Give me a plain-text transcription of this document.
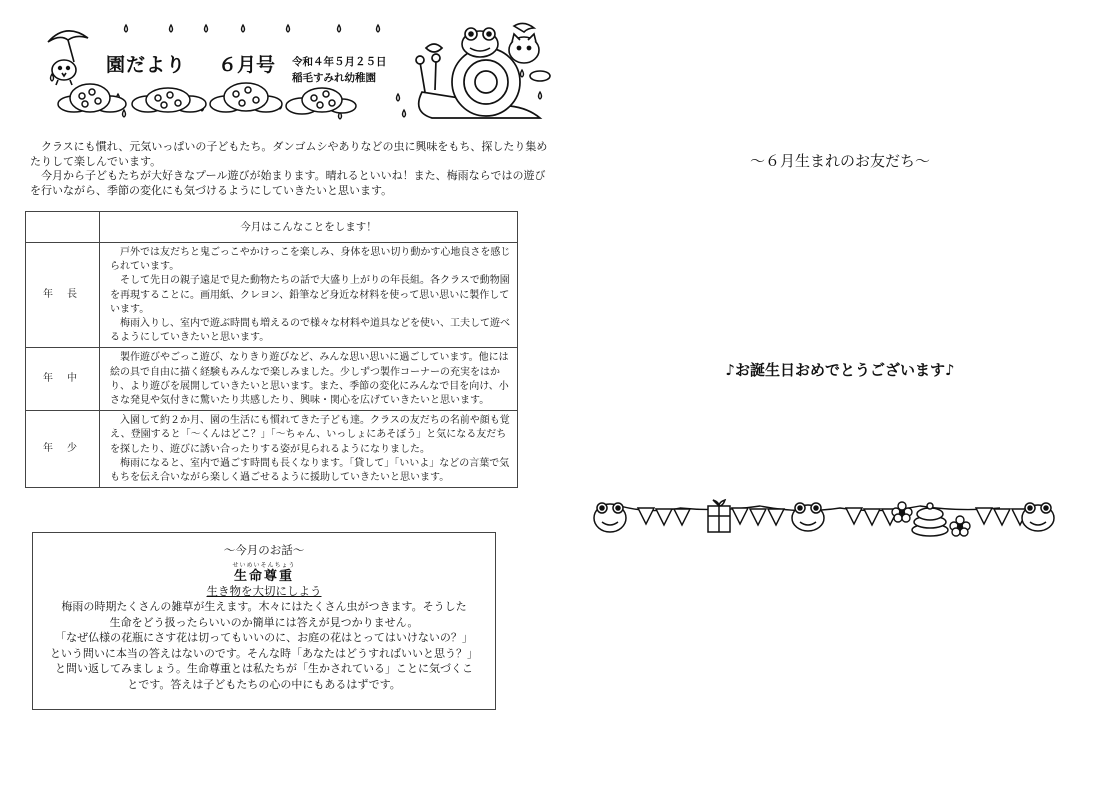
園だより ６月号 令和４年５月２５日
稲毛すみれ幼稚園

クラスにも慣れ、元気いっぱいの子どもたち。ダンゴムシやありなどの虫に興味をもち、探したり集めたりして楽しんでいます。

今月から子どもたちが大好きなプール遊びが始まります。晴れるといいね！また、梅雨ならではの遊びを行いながら、季節の変化にも気づけるようにしていきたいと思います。

	今月はこんなことをします！
年長	戸外では友だちと鬼ごっこやかけっこを楽しみ、身体を思い切り動かす心地良さを感じられています。

そして先日の親子遠足で見た動物たちの話で大盛り上がりの年長組。各クラスで動物園を再現することに。画用紙、クレヨン、鉛筆など身近な材料を使って思い思いに製作しています。

梅雨入りし、室内で遊ぶ時間も増えるので様々な材料や道具などを使い、工夫して遊べるようにしていきたいと思います。

年中	製作遊びやごっこ遊び、なりきり遊びなど、みんな思い思いに過ごしています。他には絵の具で自由に描く経験もみんなで楽しみました。少しずつ製作コーナーの充実をはかり、より遊びを展開していきたいと思います。また、季節の変化にみんなで目を向け、小さな発見や気付きに驚いたり共感したり、興味・関心を広げていきたいと思います。

年少	入園して約２か月、園の生活にも慣れてきた子ども達。クラスの友だちの名前や顔も覚え、登園すると「～くんはどこ？」「～ちゃん、いっしょにあそぼう」と気になる友だちを探したり、遊びに誘い合ったりする姿が見られるようになりました。

梅雨になると、室内で過ごす時間も長くなります。「貸して」「いいよ」などの言葉で気もちを伝え合いながら楽しく過ごせるように援助していきたいと思います。

～今月のお話～
せいめいそんちょう
生命尊重
生き物を大切にしよう
梅雨の時期たくさんの雑草が生えます。木々にはたくさん虫がつきます。そうした
生命をどう扱ったらいいのか簡単には答えが見つかりません。
「なぜ仏様の花瓶にさす花は切ってもいいのに、お庭の花はとってはいけないの？」
という問いに本当の答えはないのです。そんな時「あなたはどうすればいいと思う？」
と問い返してみましょう。生命尊重とは私たちが「生かされている」ことに気づくこ
とです。答えは子どもたちの心の中にもあるはずです。
～６月生まれのお友だち～
♪お誕生日おめでとうございます♪
